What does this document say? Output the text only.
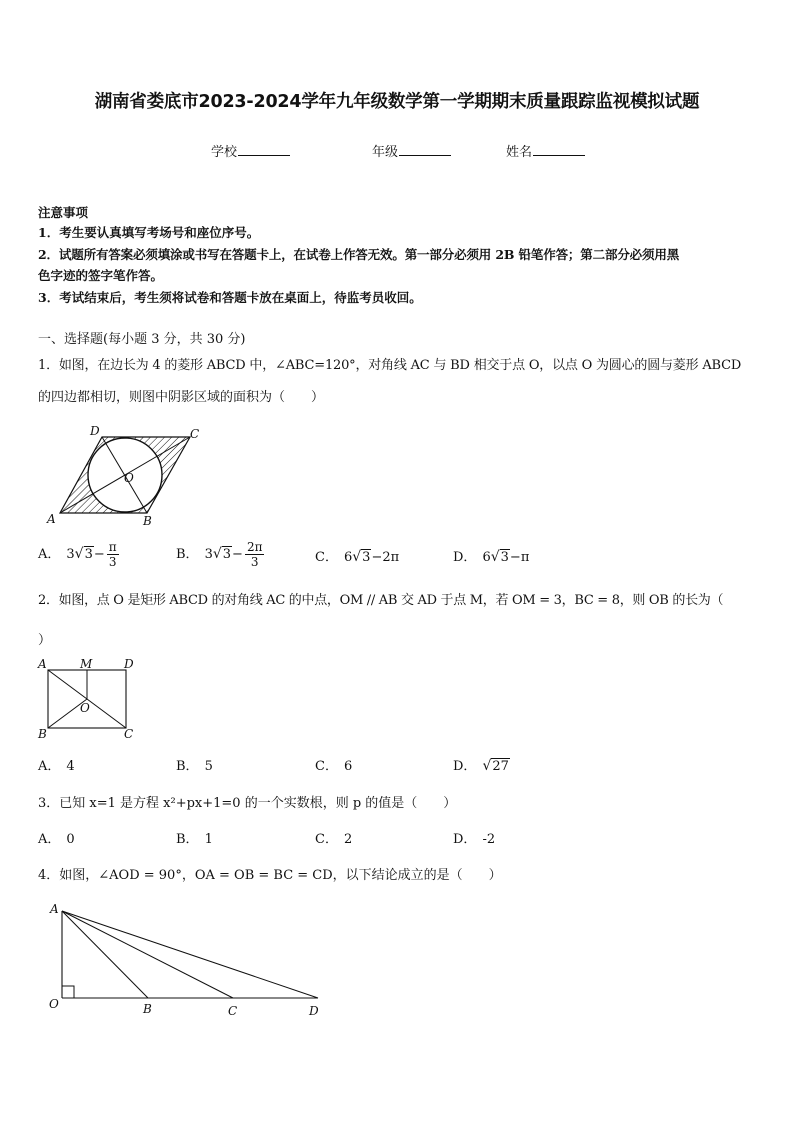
湖南省娄底市2023-2024学年九年级数学第一学期期末质量跟踪监视模拟试题
学校	年级	姓名
注意事项
1．考生要认真填写考场号和座位序号。
2．试题所有答案必须填涂或书写在答题卡上，在试卷上作答无效。第一部分必须用 2B 铅笔作答；第二部分必须用黑
色字迹的签字笔作答。
3．考试结束后，考生须将试卷和答题卡放在桌面上，待监考员收回。
一、选择题(每小题 3 分，共 30 分)
1．如图，在边长为 4 的菱形 ABCD 中，∠ABC=120°，对角线 AC 与 BD 相交于点 O，以点 O 为圆心的圆与菱形 ABCD
的四边都相切，则图中阴影区域的面积为（　　）
D	C
O
A	B
A． $3√3- \frac{\pi}{3}$	B． $3√3- \frac{2\pi}{3}$	C． 6√3−2π	D． 6√3−π
2．如图，点 O 是矩形 ABCD 的对角线 AC 的中点，OM // AB 交 AD 于点 M，若 OM = 3，BC = 8，则 OB 的长为（
）
A	M	D
O
B	C
A． 4	B． 5	C． 6	D． √27
3．已知 x=1 是方程 x²+px+1=0 的一个实数根，则 p 的值是（　　）
A． 0	B． 1	C． 2	D． -2
4．如图，∠AOD = 90°，OA = OB = BC = CD，以下结论成立的是（　　）
A
O	B	C	D
